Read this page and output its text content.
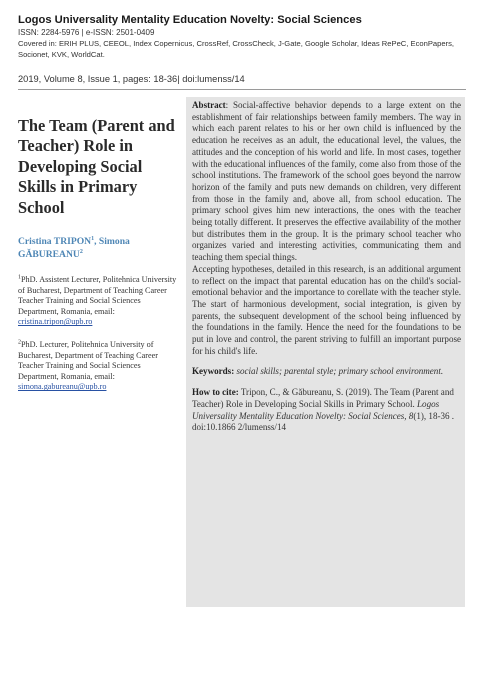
Logos Universality Mentality Education Novelty: Social Sciences
ISSN: 2284-5976 | e-ISSN: 2501-0409
Covered in: ERIH PLUS, CEEOL, Index Copernicus, CrossRef, CrossCheck, J-Gate, Google Scholar, Ideas RePeC, EconPapers, Socionet, KVK, WorldCat.
2019, Volume 8, Issue 1, pages: 18-36| doi:lumenss/14
The Team (Parent and Teacher) Role in Developing Social Skills in Primary School
Cristina TRIPON$^1$, Simona GĂBUREANU$^2$
$^1$PhD. Assistent Lecturer, Politehnica University of Bucharest, Department of Teaching Career Teacher Training and Social Sciences Department, Romania, email: cristina.tripon@upb.ro
$^2$PhD. Lecturer, Politehnica University of Bucharest, Department of Teaching Career Teacher Training and Social Sciences Department, Romania, email: simona.gabureanu@upb.ro

Abstract: Social-affective behavior depends to a large extent on the establishment of fair relationships between family members. The way in which each parent relates to his or her own child is influenced by the education he receives as an adult, the educational level, the values, the attitudes and the conception of his world and life. In most cases, together with the educational influences of the family, come also from those of the school institutions. The framework of the school goes beyond the narrow horizon of the family and puts new demands on children, very different from those in the family and, above all, from school education. The primary school gives him new interactions, the ones with the teacher being totally different. It preserves the effective availability of the mother but distributes them in the group. It is the primary school teacher who organizes varied and interesting activities, communicating them and teaching them special things.

Accepting hypotheses, detailed in this research, is an additional argument to reflect on the impact that parental education has on the child's social-emotional behavior and the importance to corellate with the teacher style. The start of harmonious development, social integration, is given by parents, the subsequent development of the school being influenced by the foundations in the family. Hence the need for the foundations to be put in love and control, the parent striving to fulfill an important purpose for his child's life.

Keywords: social skills; parental style; primary school environment.

How to cite: Tripon, C., & Găbureanu, S. (2019). The Team (Parent and Teacher) Role in Developing Social Skills in Primary School. Logos Universality Mentality Education Novelty: Social Sciences, 8(1), 18-36 . doi:10.1866 2/lumenss/14
